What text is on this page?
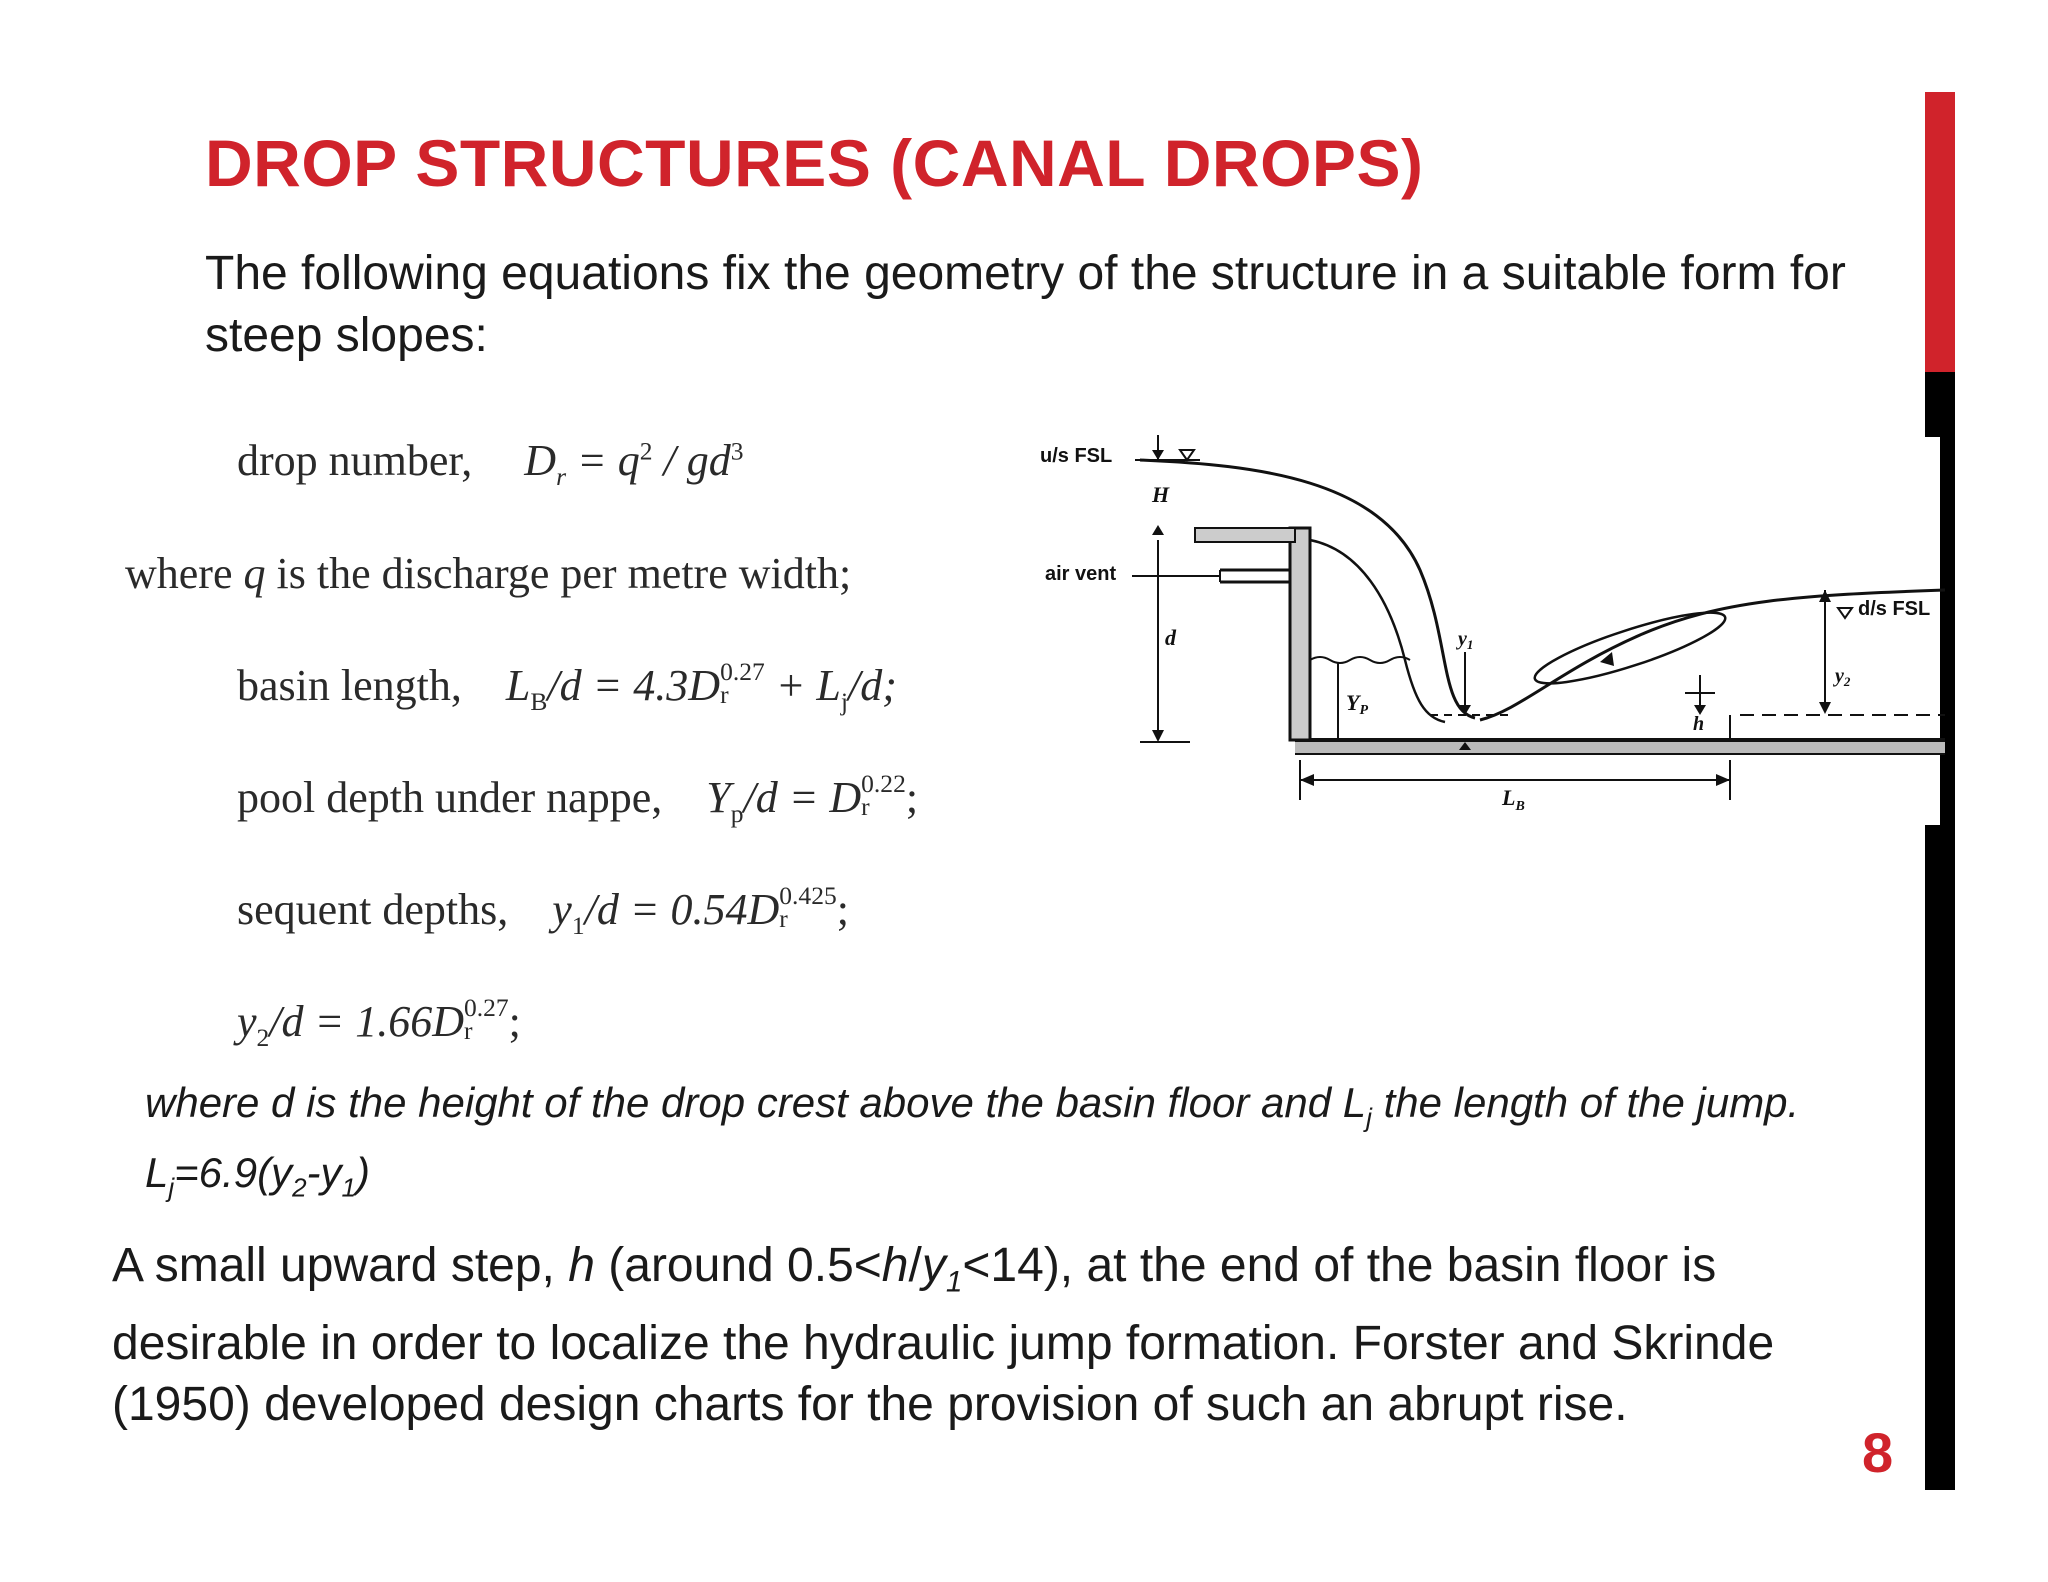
DROP STRUCTURES (CANAL DROPS)
The following equations fix the geometry of the structure in a suitable form for steep slopes:
drop number, $D_r = q^2 / gd^3$
where q is the discharge per metre width;
basin length, $L_B/d = 4.3D$ 0.27
r	+ $L_j/d$;
pool depth under nappe, $Y_p/d = D$ 0.22
r ;
sequent depths, $y_1/d = 0.54D$ 0.425
r	;
$y_2/d = 1.66D$ 0.27
r ;
where d is the height of the drop crest above the basin floor and $L_j$ the length of the jump. $L_j=6.9(y_2-y_1)$
A small upward step, h (around $0.5<h/y_1<14$), at the end of the basin floor is desirable in order to localize the hydraulic jump formation. Forster and Skrinde (1950) developed design charts for the provision of such an abrupt rise.
u/s FSL
H
air vent
d
YP
$y_1$
d/s FSL
$y_2$
h
$L_B$
8
